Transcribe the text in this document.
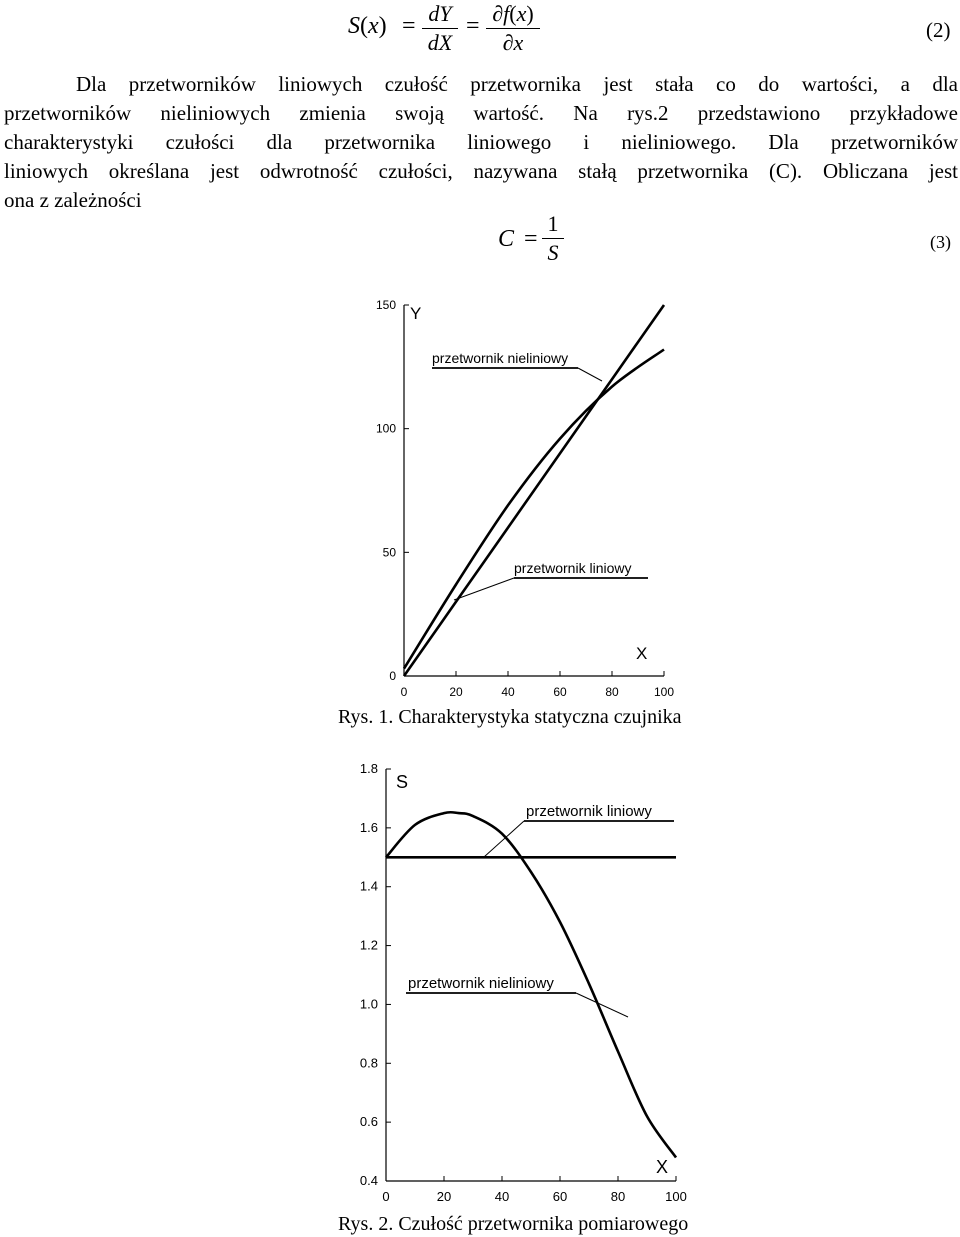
S(x) = dY
dX
= ∂f(x)
∂x	(2)
Dla przetworników liniowych czułość przetwornika jest stała co do wartości, a dla
przetworników nieliniowych zmienia swoją wartość. Na rys.2 przedstawiono przykładowe
charakterystyki czułości dla przetwornika liniowego i nieliniowego. Dla przetworników
liniowych określana jest odwrotność czułości, nazywana stałą przetwornika (C). Obliczana jest
ona z zależności
C =
1
S	(3)
0
50
100
150
0	20	40	60	80	100
Y
X
przetwornik nieliniowy
przetwornik liniowy
Rys. 1. Charakterystyka statyczna czujnika
0.4
0.6
0.8
1.0
1.2
1.4
1.6
1.8
0	20	40	60	80	100
S
X
przetwornik liniowy
przetwornik nieliniowy
Rys. 2. Czułość przetwornika pomiarowego
